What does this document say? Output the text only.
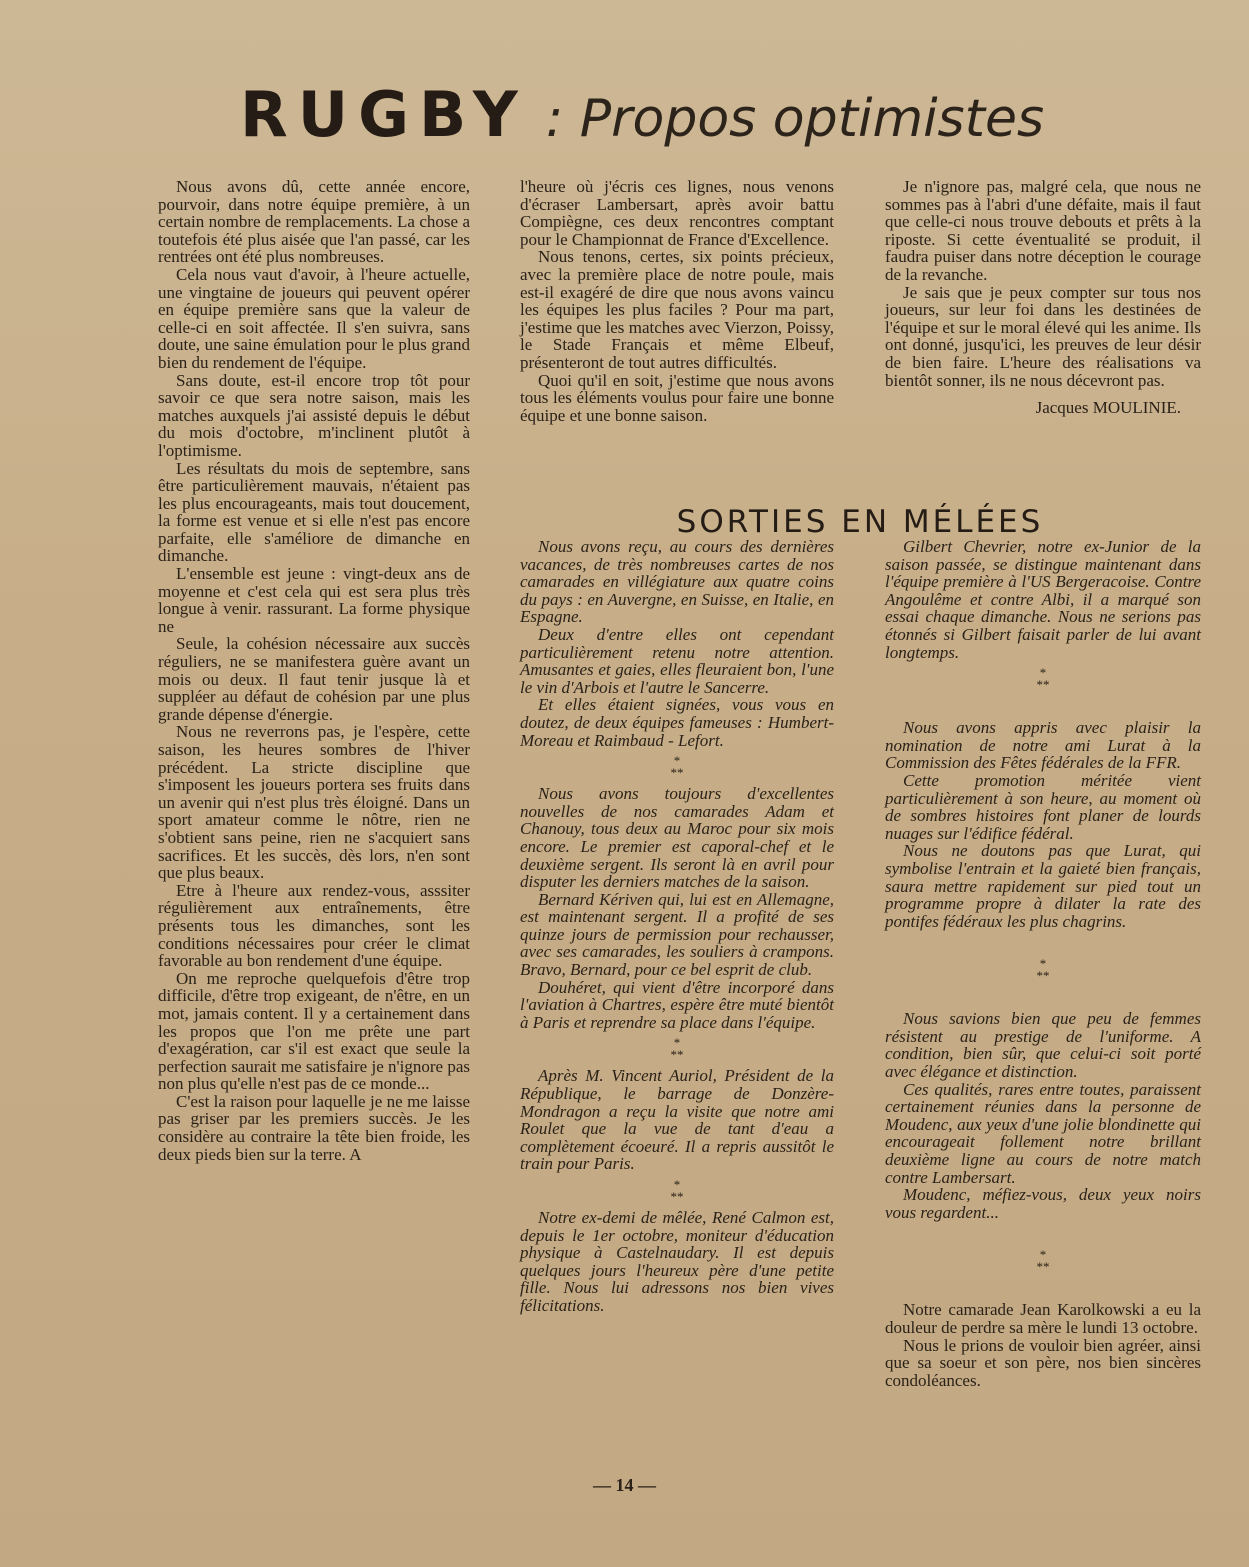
RUGBY : Propos optimistes

Nous avons dû, cette année encore, pourvoir, dans notre équipe première, à un certain nombre de remplacements. La chose a toutefois été plus aisée que l'an passé, car les rentrées ont été plus nombreuses.

Cela nous vaut d'avoir, à l'heure actuelle, une vingtaine de joueurs qui peuvent opérer en équipe première sans que la valeur de celle-ci en soit affectée. Il s'en suivra, sans doute, une saine émulation pour le plus grand bien du rendement de l'équipe.

Sans doute, est-il encore trop tôt pour savoir ce que sera notre saison, mais les matches auxquels j'ai assisté depuis le début du mois d'octobre, m'inclinent plutôt à l'optimisme.

Les résultats du mois de septembre, sans être particulièrement mauvais, n'étaient pas les plus encourageants, mais tout doucement, la forme est venue et si elle n'est pas encore parfaite, elle s'améliore de dimanche en dimanche.

L'ensemble est jeune : vingt-deux ans de moyenne et c'est cela qui est sera plus très longue à venir. rassurant. La forme physique ne

Seule, la cohésion nécessaire aux succès réguliers, ne se manifestera guère avant un mois ou deux. Il faut tenir jusque là et suppléer au défaut de cohésion par une plus grande dépense d'énergie.

Nous ne reverrons pas, je l'espère, cette saison, les heures sombres de l'hiver précédent. La stricte discipline que s'imposent les joueurs portera ses fruits dans un avenir qui n'est plus très éloigné. Dans un sport amateur comme le nôtre, rien ne s'obtient sans peine, rien ne s'acquiert sans sacrifices. Et les succès, dès lors, n'en sont que plus beaux.

Etre à l'heure aux rendez-vous, asssiter régulièrement aux entraînements, être présents tous les dimanches, sont les conditions nécessaires pour créer le climat favorable au bon rendement d'une équipe.

On me reproche quelquefois d'être trop difficile, d'être trop exigeant, de n'être, en un mot, jamais content. Il y a certainement dans les propos que l'on me prête une part d'exagération, car s'il est exact que seule la perfection saurait me satisfaire je n'ignore pas non plus qu'elle n'est pas de ce monde...

C'est la raison pour laquelle je ne me laisse pas griser par les premiers succès. Je les considère au contraire la tête bien froide, les deux pieds bien sur la terre. A

l'heure où j'écris ces lignes, nous venons d'écraser Lambersart, après avoir battu Compiègne, ces deux rencontres comptant pour le Championnat de France d'Excellence.

Nous tenons, certes, six points précieux, avec la première place de notre poule, mais est-il exagéré de dire que nous avons vaincu les équipes les plus faciles ? Pour ma part, j'estime que les matches avec Vierzon, Poissy, le Stade Français et même Elbeuf, présenteront de tout autres difficultés.

Quoi qu'il en soit, j'estime que nous avons tous les éléments voulus pour faire une bonne équipe et une bonne saison.

Je n'ignore pas, malgré cela, que nous ne sommes pas à l'abri d'une défaite, mais il faut que celle-ci nous trouve debouts et prêts à la riposte. Si cette éventualité se produit, il faudra puiser dans notre déception le courage de la revanche.

Je sais que je peux compter sur tous nos joueurs, sur leur foi dans les destinées de l'équipe et sur le moral élevé qui les anime. Ils ont donné, jusqu'ici, les preuves de leur désir de bien faire. L'heure des réalisations va bientôt sonner, ils ne nous décevront pas.

Jacques MOULINIE.
SORTIES EN MÉLÉES

Nous avons reçu, au cours des dernières vacances, de très nombreuses cartes de nos camarades en villégiature aux quatre coins du pays : en Auvergne, en Suisse, en Italie, en Espagne.

Deux d'entre elles ont cependant particulièrement retenu notre attention. Amusantes et gaies, elles fleuraient bon, l'une le vin d'Arbois et l'autre le Sancerre.

Et elles étaient signées, vous vous en doutez, de deux équipes fameuses : Humbert-Moreau et Raimbaud - Lefort.

*
**

Nous avons toujours d'excellentes nouvelles de nos camarades Adam et Chanouy, tous deux au Maroc pour six mois encore. Le premier est caporal-chef et le deuxième sergent. Ils seront là en avril pour disputer les derniers matches de la saison.

Bernard Kériven qui, lui est en Allemagne, est maintenant sergent. Il a profité de ses quinze jours de permission pour rechausser, avec ses camarades, les souliers à crampons. Bravo, Bernard, pour ce bel esprit de club.

Douhéret, qui vient d'être incorporé dans l'aviation à Chartres, espère être muté bientôt à Paris et reprendre sa place dans l'équipe.

*
**

Après M. Vincent Auriol, Président de la République, le barrage de Donzère-Mondragon a reçu la visite que notre ami Roulet que la vue de tant d'eau a complètement écoeuré. Il a repris aussitôt le train pour Paris.

*
**

Notre ex-demi de mêlée, René Calmon est, depuis le 1er octobre, moniteur d'éducation physique à Castelnaudary. Il est depuis quelques jours l'heureux père d'une petite fille. Nous lui adressons nos bien vives félicitations.

Gilbert Chevrier, notre ex-Junior de la saison passée, se distingue maintenant dans l'équipe première à l'US Bergeracoise. Contre Angoulême et contre Albi, il a marqué son essai chaque dimanche. Nous ne serions pas étonnés si Gilbert faisait parler de lui avant longtemps.

*
**

Nous avons appris avec plaisir la nomination de notre ami Lurat à la Commission des Fêtes fédérales de la FFR.

Cette promotion méritée vient particulièrement à son heure, au moment où de sombres histoires font planer de lourds nuages sur l'édifice fédéral.

Nous ne doutons pas que Lurat, qui symbolise l'entrain et la gaieté bien français, saura mettre rapidement sur pied tout un programme propre à dilater la rate des pontifes fédéraux les plus chagrins.

*
**

Nous savions bien que peu de femmes résistent au prestige de l'uniforme. A condition, bien sûr, que celui-ci soit porté avec élégance et distinction.

Ces qualités, rares entre toutes, paraissent certainement réunies dans la personne de Moudenc, aux yeux d'une jolie blondinette qui encourageait follement notre brillant deuxième ligne au cours de notre match contre Lambersart.

Moudenc, méfiez-vous, deux yeux noirs vous regardent...

*
**

Notre camarade Jean Karolkowski a eu la douleur de perdre sa mère le lundi 13 octobre.

Nous le prions de vouloir bien agréer, ainsi que sa soeur et son père, nos bien sincères condoléances.

— 14 —
